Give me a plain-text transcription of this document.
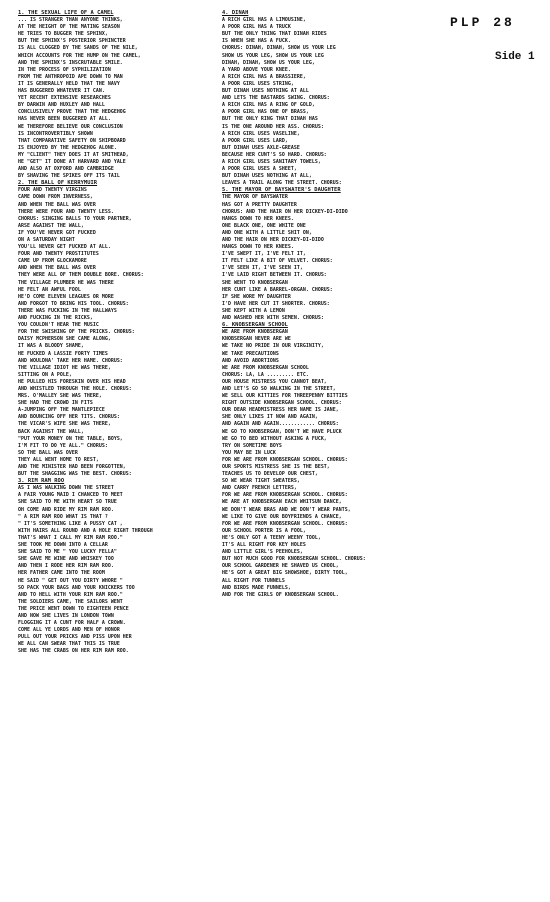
PLP 28
Side 1
1. THE SEXUAL LIFE OF A CAMEL
... IS STRANGER THAN ANYONE THINKS,
AT THE HEIGHT OF THE MATING SEASON
HE TRIES TO BUGGER THE SPHINX,
BUT THE SPHINX'S POSTERIOR SPHINCTER
IS ALL CLOGGED BY THE SANDS OF THE NILE,
WHICH ACCOUNTS FOR THE HUMP ON THE CAMEL,
AND THE SPHINX'S INSCRUTABLE SMILE.
IN THE PROCESS OF SYPHILIZATION
FROM THE ANTHROPOID APE DOWN TO MAN
IT IS GENERALLY HELD THAT THE NAVY
HAS BUGGERED WHATEVER IT CAN.
YET RECENT EXTENSIVE RESEARCHES
BY DARWIN AND HUXLEY AND HALL
CONCLUSIVELY PROVE THAT THE HEDGEHOG
HAS NEVER BEEN BUGGERED AT ALL.
WE THEREFORE BELIEVE OUR CONCLUSION
IS INCONTROVERTIBLY SHOWN
THAT COMPARATIVE SAFETY ON SHIPBOARD
IS ENJOYED BY THE HEDGEHOG ALONE.
MY "CLIENT" THEY DOES IT AT SMITHEAD,
HE "GET" IT DONE AT HARVARD AND YALE
AND ALSO AT OXFORD AND CAMBRIDGE
BY SHAVING THE SPIKES OFF ITS TAIL
2. THE BALL OF KERRYMUIR
FOUR AND TWENTY VIRGINS
CAME DOWN FROM INVERNESS,
AND WHEN THE BALL WAS OVER
THERE WERE FOUR AND TWENTY LESS.
CHORUS: SINGING BALLS TO YOUR PARTNER,
ARSE AGAINST THE WALL,
IF YOU'VE NEVER GOT FUCKED
ON A SATURDAY NIGHT
YOU'LL NEVER GET FUCKED AT ALL.
FOUR AND TWENTY PROSTITUTES
CAME UP FROM GLOCKAMORE
AND WHEN THE BALL WAS OVER
THEY WERE ALL OF THEM DOUBLE BORE. CHORUS:
THE VILLAGE PLUMBER HE WAS THERE
HE FELT AN AWFUL FOOL
HE'D COME ELEVEN LEAGUES OR MORE
AND FORGOT TO BRING HIS TOOL. CHORUS:
THERE WAS FUCKING IN THE HALLWAYS
AND FUCKING IN THE RICKS,
YOU COULDN'T HEAR THE MUSIC
FOR THE SWISHING OF THE PRICKS. CHORUS:
DAISY MCPHERSON SHE CAME ALONG,
IT WAS A BLOODY SHAME,
HE FUCKED A LASSIE FORTY TIMES
AND WOULDNA' TAKE HER HAME. CHORUS:
THE VILLAGE IDIOT HE WAS THERE,
SITTING ON A POLE,
HE PULLED HIS FORESKIN OVER HIS HEAD
AND WHISTLED THROUGH THE HOLE. CHORUS:
MRS. O'MALLEY SHE WAS THERE,
SHE HAD THE CROWD IN FITS
A-JUMPING OFF THE MANTLEPIECE
AND BOUNCING OFF HER TITS. CHORUS:
THE VICAR'S WIFE SHE WAS THERE,
BACK AGAINST THE WALL,
"PUT YOUR MONEY ON THE TABLE, BOYS,
I'M FIT TO DO YE ALL." CHORUS:
SO THE BALL WAS OVER
THEY ALL WENT HOME TO REST,
AND THE MINISTER HAD BEEN FORGOTTEN,
BUT THE SHAGGING WAS THE BEST. CHORUS:
3. RIM RAM ROO
AS I WAS WALKING DOWN THE STREET
A FAIR YOUNG MAID I CHANCED TO MEET
SHE SAID TO ME WITH HEART SO TRUE
OH COME AND RIDE MY RIM RAM ROO.
" A RIM RAM ROO WHAT IS THAT ?
" IT'S SOMETHING LIKE A PUSSY CAT ,
WITH HAIRS ALL ROUND AND A HOLE RIGHT THROUGH
THAT'S WHAT I CALL MY RIM RAM ROO."
SHE TOOK ME DOWN INTO A CELLAR
SHE SAID TO ME " YOU LUCKY FELLA"
SHE GAVE ME WINE AND WHISKEY TOO
AND THEN I RODE HER RIM RAM ROO.
HER FATHER CAME INTO THE ROOM
HE SAID " GET OUT YOU DIRTY WHORE "
SO PACK YOUR BAGS AND YOUR KNICKERS TOO
AND TO HELL WITH YOUR RIM RAM ROO."
THE SOLDIERS CAME, THE SAILORS WENT
THE PRICE WENT DOWN TO EIGHTEEN PENCE
AND NOW SHE LIVES IN LONDON TOWN
FLOGGING IT A CUNT FOR HALF A CROWN.
COME ALL YE LORDS AND MEN OF HONOR
PULL OUT YOUR PRICKS AND PISS UPON HER
WE ALL CAN SWEAR THAT THIS IS TRUE
SHE HAS THE CRABS ON HER RIM RAM ROO.
4. DINAH
A RICH GIRL HAS A LIMOUSINE,
A POOR GIRL HAS A TRUCK
BUT THE ONLY THING THAT DINAH RIDES
IS WHEN SHE HAS A FUCK.
CHORUS: DINAH, DINAH, SHOW US YOUR LEG
SHOW US YOUR LEG, SHOW US YOUR LEG
DINAH, DINAH, SHOW US YOUR LEG,
A YARD ABOVE YOUR KNEE.
A RICH GIRL HAS A BRASSIERE,
A POOR GIRL USES STRING,
BUT DINAH USES NOTHING AT ALL
AND LETS THE BASTARDS SWING. CHORUS:
A RICH GIRL HAS A RING OF GOLD,
A POOR GIRL HAS ONE OF BRASS,
BUT THE ONLY RING THAT DINAH HAS
IS THE ONE AROUND HER ASS. CHORUS:
A RICH GIRL USES VASELINE,
A POOR GIRL USES LARD,
BUT DINAH USES AXLE-GREASE
BECAUSE HER CUNT'S SO HARD. CHORUS:
A RICH GIRL USES SANITARY TOWELS,
A POOR GIRL USES A SHEET,
BUT DINAH USES NOTHING AT ALL,
LEAVES A TRAIL ALONG THE STREET. CHORUS:
5. THE MAYOR OF BAYSWATER'S DAUGHTER
THE MAYOR OF BAYSWATER
HAS GOT A PRETTY DAUGHTER
CHORUS: AND THE HAIR ON HER DICKEY-DI-DIDO
HANGS DOWN TO HER KNEES.
ONE BLACK ONE, ONE WHITE ONE
AND ONE WITH A LITTLE SHIT ON,
AND THE HAIR ON HER DICKEY-DI-DIDO
HANGS DOWN TO HER KNEES.
I'VE SWEPT IT, I'VE FELT IT,
IT FELT LIKE A BIT OF VELVET. CHORUS:
I'VE SEEN IT, I'VE SEEN IT,
I'VE LAID RIGHT BETWEEN IT. CHORUS:
SHE WENT TO KNOBSERGAN
HER CUNT LIKE A BARREL-ORGAN. CHORUS:
IF SHE WORE MY DAUGHTER
I'D HAVE HER CUT IT SHORTER. CHORUS:
SHE KEPT WITH A LEMON
AND WASHED HER WITH SEMEN. CHORUS:
6. KNOBSERGAN SCHOOL
WE ARE FROM KNOBSERGAN
KNOBSERGAN NEVER ARE WE
WE TAKE NO PRIDE IN OUR VIRGINITY,
WE TAKE PRECAUTIONS
AND AVOID ABORTIONS
WE ARE FROM KNOBSERGAN SCHOOL
CHORUS: LA, LA ......... ETC.
OUR HOUSE MISTRESS YOU CANNOT BEAT,
AND LET'S GO SO WALKING IN THE STREET,
WE SELL OUR KITTIES FOR THREEPENNY BITTIES
RIGHT OUTSIDE KNOBSERGAN SCHOOL. CHORUS:
OUR DEAR HEADMISTRESS HER NAME IS JANE,
SHE ONLY LIKES IT NOW AND AGAIN,
AND AGAIN AND AGAIN............ CHORUS:
WE GO TO KNOBSERGAN, DON'T WE HAVE PLUCK
WE GO TO BED WITHOUT ASKING A FUCK,
TRY ON SOMETIME BOYS
YOU MAY BE IN LUCK
FOR WE ARE FROM KNOBSERGAN SCHOOL. CHORUS:
OUR SPORTS MISTRESS SHE IS THE BEST,
TEACHES US TO DEVELOP OUR CHEST,
SO WE WEAR TIGHT SWEATERS,
AND CARRY FRENCH LETTERS,
FOR WE ARE FROM KNOBSERGAN SCHOOL. CHORUS:
WE ARE AT KNOBSERGAN EACH WHITSUN DANCE,
WE DON'T WEAR BRAS AND WE DON'T WEAR PANTS,
WE LIKE TO GIVE OUR BOYFRIENDS A CHANCE,
FOR WE ARE FROM KNOBSERGAN SCHOOL. CHORUS:
OUR SCHOOL PORTER IS A FOOL,
HE'S ONLY GOT A TEENY WEENY TOOL,
IT'S ALL RIGHT FOR KEY HOLES
AND LITTLE GIRL'S PEEHOLES,
BUT NOT MUCH GOOD FOR KNOBSERGAN SCHOOL. CHORUS:
OUR SCHOOL GARDENER HE SHAVED US CHOOL,
HE'S GOT A GREAT BIG SHOWSHOE, DIRTY TOOL,
ALL RIGHT FOR TUNNELS
AND BIRDS MADE FUNNELS,
AND FOR THE GIRLS OF KNOBSERGAN SCHOOL.
